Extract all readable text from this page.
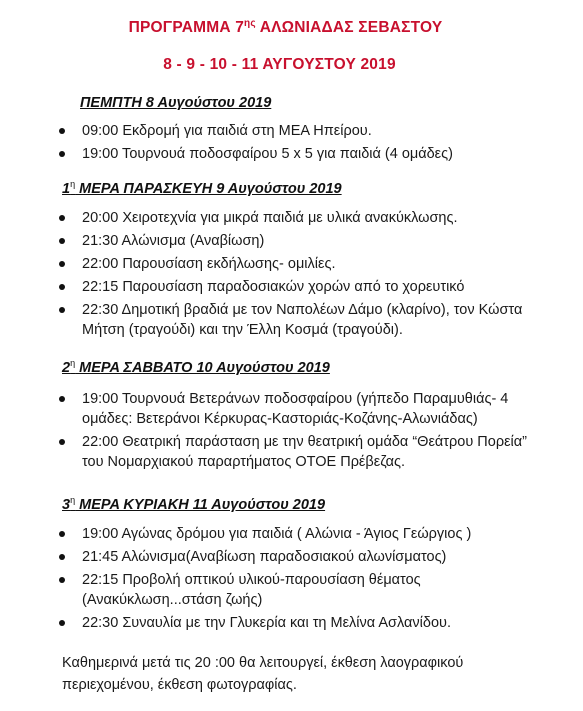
ΠΡΟΓΡΑΜΜΑ $7^{\eta\varsigma}$ ΑΛΩΝΙΑΔΑΣ ΣΕΒΑΣΤΟΥ
8 - 9 - 10 - 11 ΑΥΓΟΥΣΤΟΥ 2019
ΠΕΜΠΤΗ 8 Αυγούστου 2019
09:00 Εκδρομή για παιδιά στη ΜΕΑ Ηπείρου.
19:00 Τουρνουά ποδοσφαίρου 5 x 5 για παιδιά (4 ομάδες)
$1^\eta$ ΜΕΡΑ ΠΑΡΑΣΚΕΥΗ 9 Αυγούστου 2019
20:00 Χειροτεχνία για μικρά παιδιά με υλικά ανακύκλωσης.
21:30 Αλώνισμα (Αναβίωση)
22:00 Παρουσίαση εκδήλωσης- ομιλίες.
22:15 Παρουσίαση παραδοσιακών χορών από το χορευτικό
22:30 Δημοτική βραδιά με τον Ναπολέων Δάμο (κλαρίνο), τον Κώστα Μήτση (τραγούδι) και την Έλλη Κοσμά (τραγούδι).
$2^\eta$ ΜΕΡΑ ΣΑΒΒΑΤΟ 10 Αυγούστου 2019
19:00 Τουρνουά Βετεράνων ποδοσφαίρου (γήπεδο Παραμυθιάς- 4 ομάδες: Βετεράνοι Κέρκυρας-Καστοριάς-Κοζάνης-Αλωνιάδας)
22:00 Θεατρική παράσταση με την θεατρική ομάδα “Θεάτρου Πορεία” του Νομαρχιακού παραρτήματος ΟΤΟΕ Πρέβεζας.
$3^\eta$ ΜΕΡΑ ΚΥΡΙΑΚΗ 11 Αυγούστου 2019
19:00 Αγώνας δρόμου για παιδιά ( Αλώνια - Άγιος Γεώργιος )
21:45 Αλώνισμα(Αναβίωση παραδοσιακού αλωνίσματος)
22:15 Προβολή οπτικού υλικού-παρουσίαση θέματος (Ανακύκλωση...στάση ζωής)
22:30 Συναυλία με την Γλυκερία και τη Μελίνα Ασλανίδου.
Καθημερινά μετά τις 20 :00 θα λειτουργεί, έκθεση λαογραφικού περιεχομένου, έκθεση φωτογραφίας.
